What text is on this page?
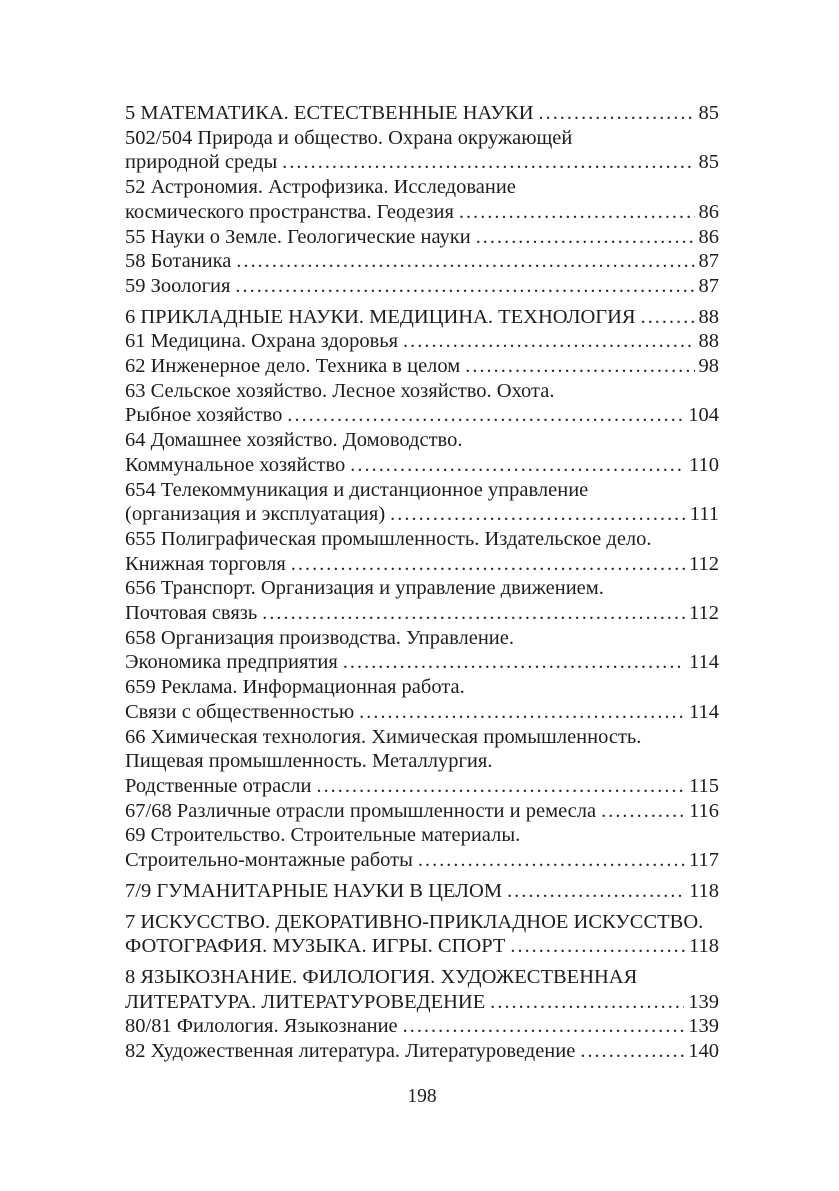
5 МАТЕМАТИКА. ЕСТЕСТВЕННЫЕ НАУКИ .....	85
502/504 Природа и общество. Охрана окружающей
природной среды .....	85
52 Астрономия. Астрофизика. Исследование
космического пространства. Геодезия .....	86
55 Науки о Земле. Геологические науки .....	86
58 Ботаника .....	87
59 Зоология .....	87
6 ПРИКЛАДНЫЕ НАУКИ. МЕДИЦИНА. ТЕХНОЛОГИЯ .....	88
61 Медицина. Охрана здоровья .....	88
62 Инженерное дело. Техника в целом .....	98
63 Сельское хозяйство. Лесное хозяйство. Охота.
Рыбное хозяйство .....	104
64 Домашнее хозяйство. Домоводство.
Коммунальное хозяйство .....	110
654 Телекоммуникация и дистанционное управление
(организация и эксплуатация) .....	111
655 Полиграфическая промышленность. Издательское дело.
Книжная торговля .....	112
656 Транспорт. Организация и управление движением.
Почтовая связь .....	112
658 Организация производства. Управление.
Экономика предприятия .....	114
659 Реклама. Информационная работа.
Связи с общественностью .....	114
66 Химическая технология. Химическая промышленность.
Пищевая промышленность. Металлургия.
Родственные отрасли .....	115
67/68 Различные отрасли промышленности и ремесла .....	116
69 Строительство. Строительные материалы.
Строительно-монтажные работы .....	117
7/9 ГУМАНИТАРНЫЕ НАУКИ В ЦЕЛОМ .....	118
7 ИСКУССТВО. ДЕКОРАТИВНО-ПРИКЛАДНОЕ ИСКУССТВО.
ФОТОГРАФИЯ. МУЗЫКА. ИГРЫ. СПОРТ .....	118
8 ЯЗЫКОЗНАНИЕ. ФИЛОЛОГИЯ. ХУДОЖЕСТВЕННАЯ
ЛИТЕРАТУРА. ЛИТЕРАТУРОВЕДЕНИЕ .....	139
80/81 Филология. Языкознание .....	139
82 Художественная литература. Литературоведение .....	140
198
